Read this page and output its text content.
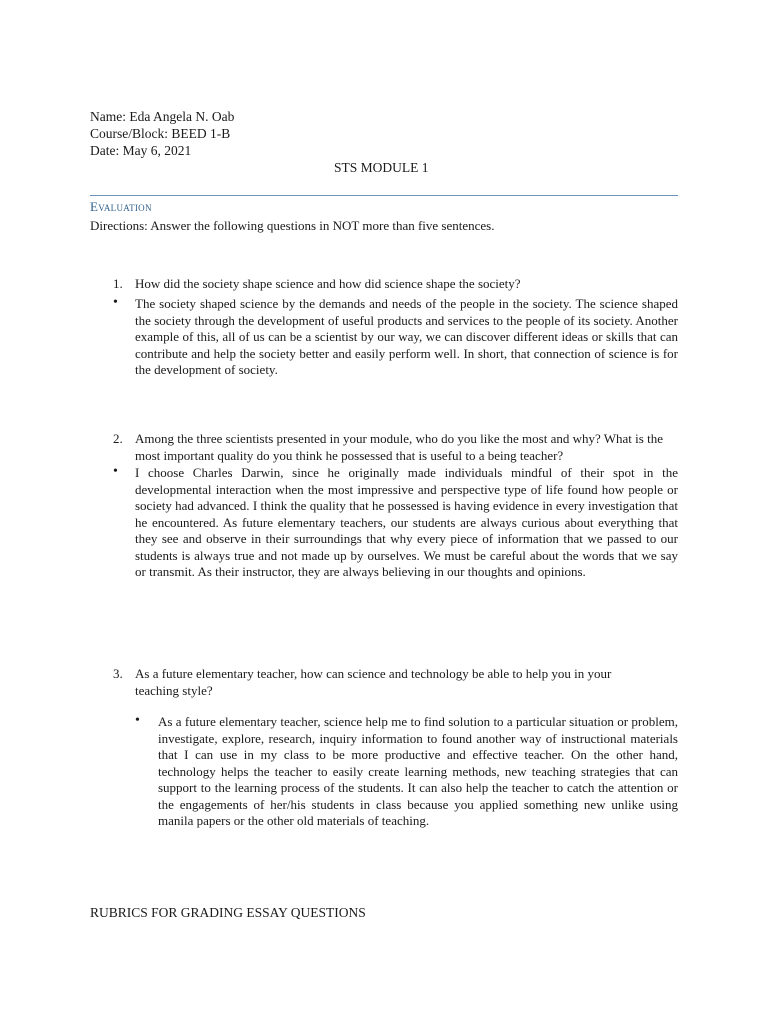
Name: Eda Angela N. Oab
Course/Block: BEED 1-B
Date: May 6, 2021
STS MODULE 1
Evaluation
Directions: Answer the following questions in NOT more than five sentences.
1. How did the society shape science and how did science shape the society?
• The society shaped science by the demands and needs of the people in the society. The science shaped the society through the development of useful products and services to the people of its society. Another example of this, all of us can be a scientist by our way, we can discover different ideas or skills that can contribute and help the society better and easily perform well. In short, that connection of science is for the development of society.
2. Among the three scientists presented in your module, who do you like the most and why? What is the most important quality do you think he possessed that is useful to a being teacher?
• I choose Charles Darwin, since he originally made individuals mindful of their spot in the developmental interaction when the most impressive and perspective type of life found how people or society had advanced. I think the quality that he possessed is having evidence in every investigation that he encountered. As future elementary teachers, our students are always curious about everything that they see and observe in their surroundings that why every piece of information that we passed to our students is always true and not made up by ourselves. We must be careful about the words that we say or transmit. As their instructor, they are always believing in our thoughts and opinions.
3. As a future elementary teacher, how can science and technology be able to help you in your teaching style?
• As a future elementary teacher, science help me to find solution to a particular situation or problem, investigate, explore, research, inquiry information to found another way of instructional materials that I can use in my class to be more productive and effective teacher. On the other hand, technology helps the teacher to easily create learning methods, new teaching strategies that can support to the learning process of the students. It can also help the teacher to catch the attention or the engagements of her/his students in class because you applied something new unlike using manila papers or the other old materials of teaching.
RUBRICS FOR GRADING ESSAY QUESTIONS
